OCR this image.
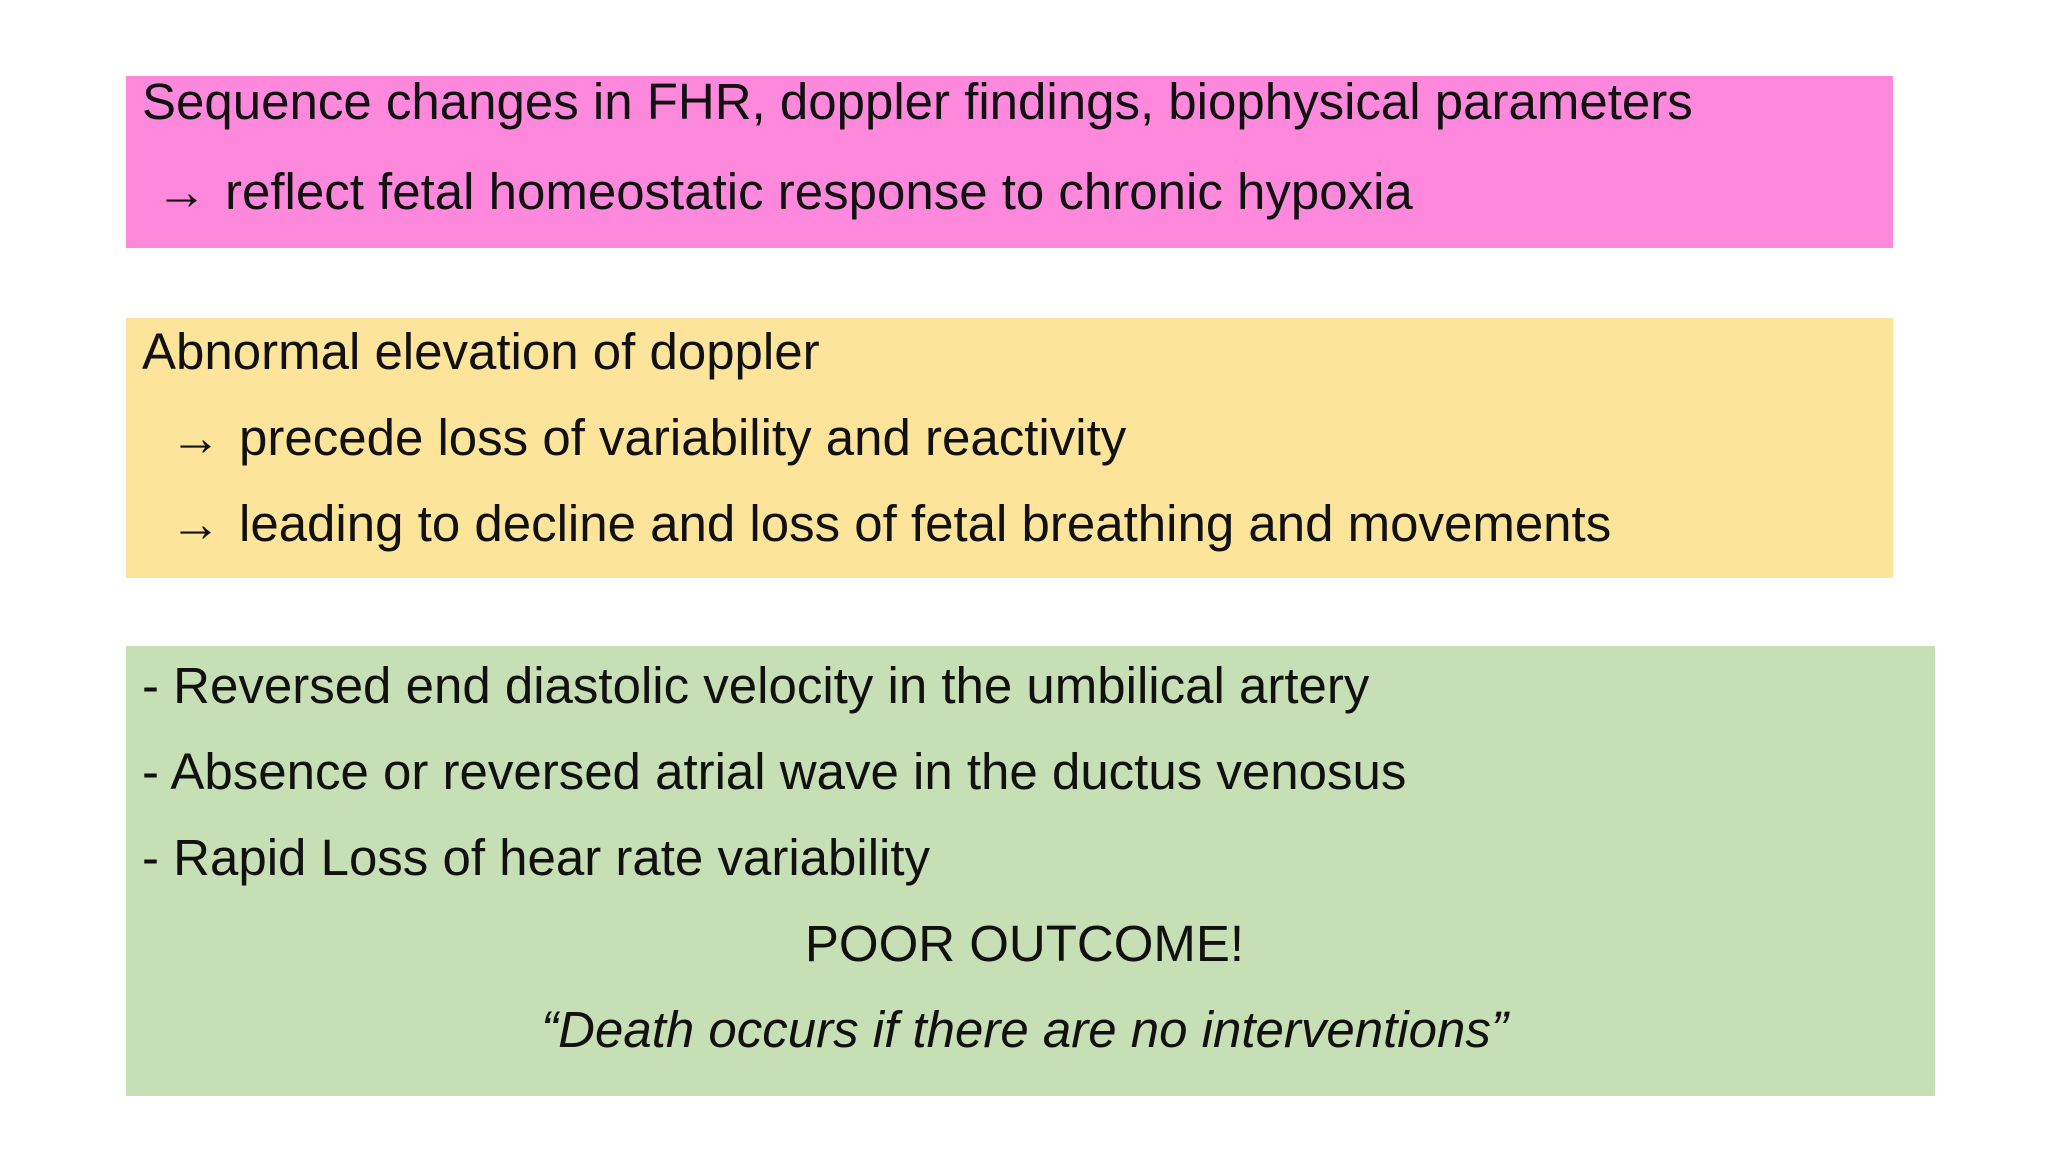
Sequence changes in FHR, doppler findings, biophysical parameters
→ reflect fetal homeostatic response to chronic hypoxia
Abnormal elevation of doppler
→ precede loss of variability and reactivity
→ leading to decline and loss of fetal breathing and movements
- Reversed end diastolic velocity in the umbilical artery
- Absence or reversed atrial wave in the ductus venosus
- Rapid Loss of hear rate variability
POOR OUTCOME!
“Death occurs if there are no interventions”
